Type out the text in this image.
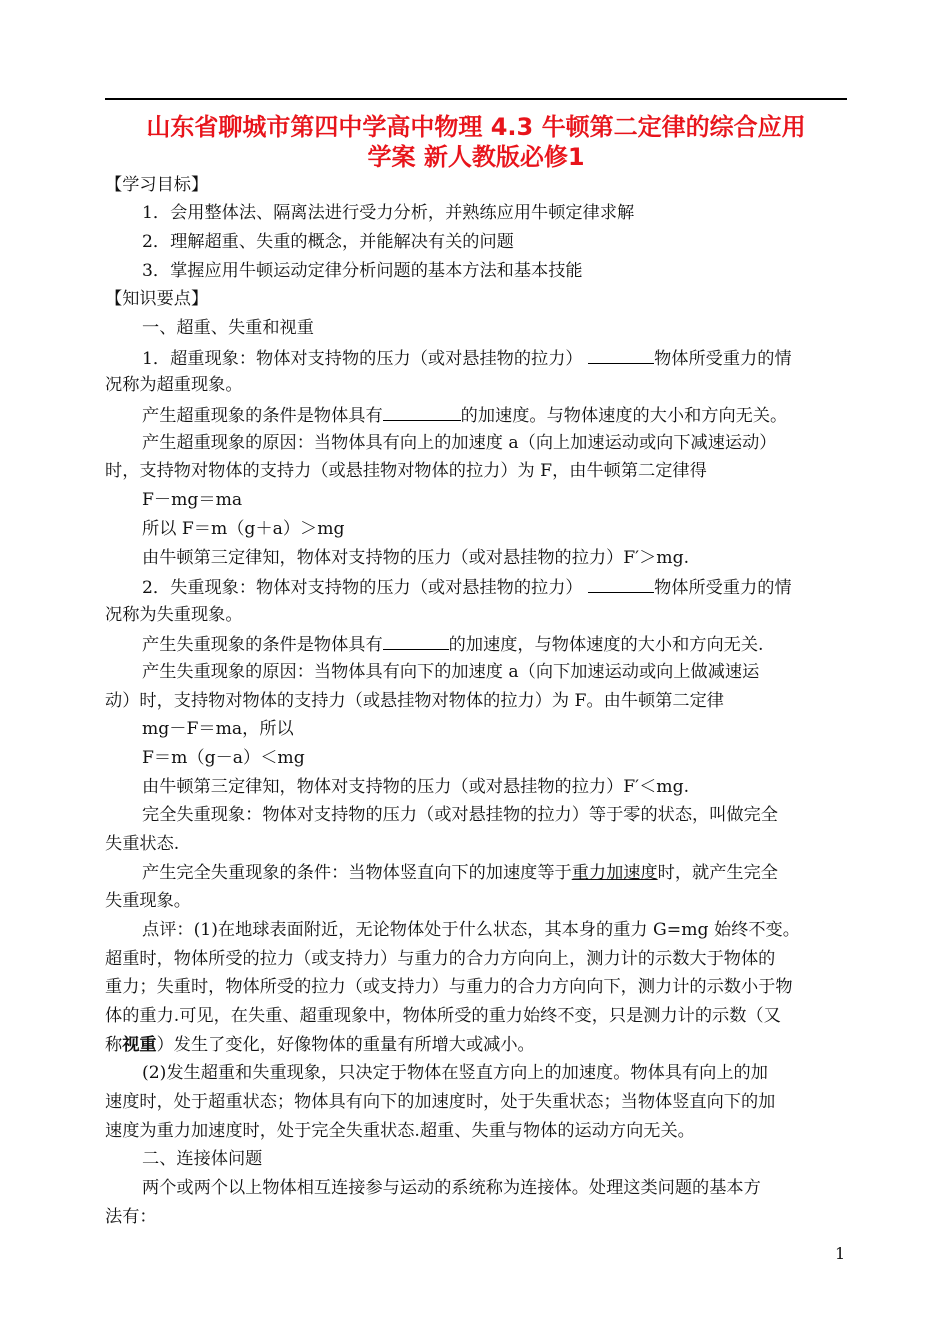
山东省聊城市第四中学高中物理 4.3 牛顿第二定律的综合应用
学案 新人教版必修1
【学习目标】
1．会用整体法、隔离法进行受力分析，并熟练应用牛顿定律求解
2．理解超重、失重的概念，并能解决有关的问题
3．掌握应用牛顿运动定律分析问题的基本方法和基本技能
【知识要点】
一、超重、失重和视重
1．超重现象：物体对支持物的压力（或对悬挂物的拉力）	物体所受重力的情
况称为超重现象。
产生超重现象的条件是物体具有	的加速度。与物体速度的大小和方向无关。
产生超重现象的原因：当物体具有向上的加速度 a（向上加速运动或向下减速运动）
时，支持物对物体的支持力（或悬挂物对物体的拉力）为 F，由牛顿第二定律得
F－mg＝ma
所以 F＝m（g＋a）＞mg
由牛顿第三定律知，物体对支持物的压力（或对悬挂物的拉力）F′＞mg.
2．失重现象：物体对支持物的压力（或对悬挂物的拉力）	物体所受重力的情
况称为失重现象。
产生失重现象的条件是物体具有	的加速度，与物体速度的大小和方向无关.
产生失重现象的原因：当物体具有向下的加速度 a（向下加速运动或向上做减速运
动）时，支持物对物体的支持力（或悬挂物对物体的拉力）为 F。由牛顿第二定律
mg－F＝ma，所以
F＝m（g－a）＜mg
由牛顿第三定律知，物体对支持物的压力（或对悬挂物的拉力）F′＜mg.
完全失重现象：物体对支持物的压力（或对悬挂物的拉力）等于零的状态，叫做完全
失重状态.
产生完全失重现象的条件：当物体竖直向下的加速度等于重力加速度时，就产生完全
失重现象。
点评：(1)在地球表面附近，无论物体处于什么状态，其本身的重力 G=mg 始终不变。
超重时，物体所受的拉力（或支持力）与重力的合力方向向上，测力计的示数大于物体的
重力；失重时，物体所受的拉力（或支持力）与重力的合力方向向下，测力计的示数小于物
体的重力.可见，在失重、超重现象中，物体所受的重力始终不变，只是测力计的示数（又
称视重）发生了变化，好像物体的重量有所增大或减小。
(2)发生超重和失重现象，只决定于物体在竖直方向上的加速度。物体具有向上的加
速度时，处于超重状态；物体具有向下的加速度时，处于失重状态；当物体竖直向下的加
速度为重力加速度时，处于完全失重状态.超重、失重与物体的运动方向无关。
二、连接体问题
两个或两个以上物体相互连接参与运动的系统称为连接体。处理这类问题的基本方
法有：
1
